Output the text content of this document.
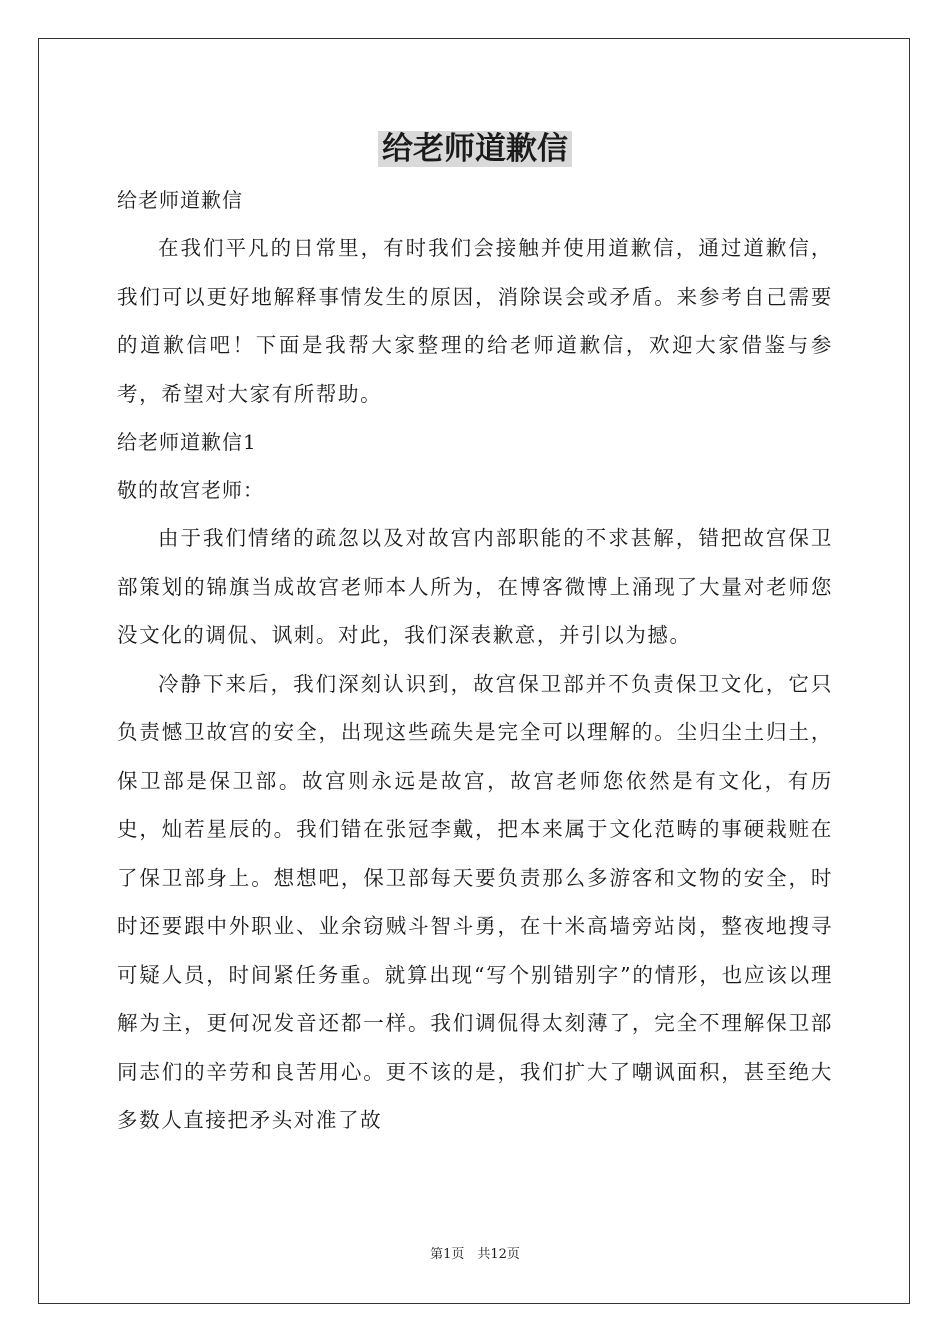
给老师道歉信

给老师道歉信

在我们平凡的日常里，有时我们会接触并使用道歉信，通过道歉信，我们可以更好地解释事情发生的原因，消除误会或矛盾。来参考自己需要的道歉信吧！下面是我帮大家整理的给老师道歉信，欢迎大家借鉴与参考，希望对大家有所帮助。

给老师道歉信1

敬的故宫老师：

由于我们情绪的疏忽以及对故宫内部职能的不求甚解，错把故宫保卫部策划的锦旗当成故宫老师本人所为，在博客微博上涌现了大量对老师您没文化的调侃、讽刺。对此，我们深表歉意，并引以为撼。

冷静下来后，我们深刻认识到，故宫保卫部并不负责保卫文化，它只负责憾卫故宫的安全，出现这些疏失是完全可以理解的。尘归尘土归土，保卫部是保卫部。故宫则永远是故宫，故宫老师您依然是有文化，有历史，灿若星辰的。我们错在张冠李戴，把本来属于文化范畴的事硬栽赃在了保卫部身上。想想吧，保卫部每天要负责那么多游客和文物的安全，时时还要跟中外职业、业余窃贼斗智斗勇，在十米高墙旁站岗，整夜地搜寻可疑人员，时间紧任务重。就算出现“写个别错别字”的情形，也应该以理解为主，更何况发音还都一样。我们调侃得太刻薄了，完全不理解保卫部同志们的辛劳和良苦用心。更不该的是，我们扩大了嘲讽面积，甚至绝大多数人直接把矛头对准了故

第1页　共12页
